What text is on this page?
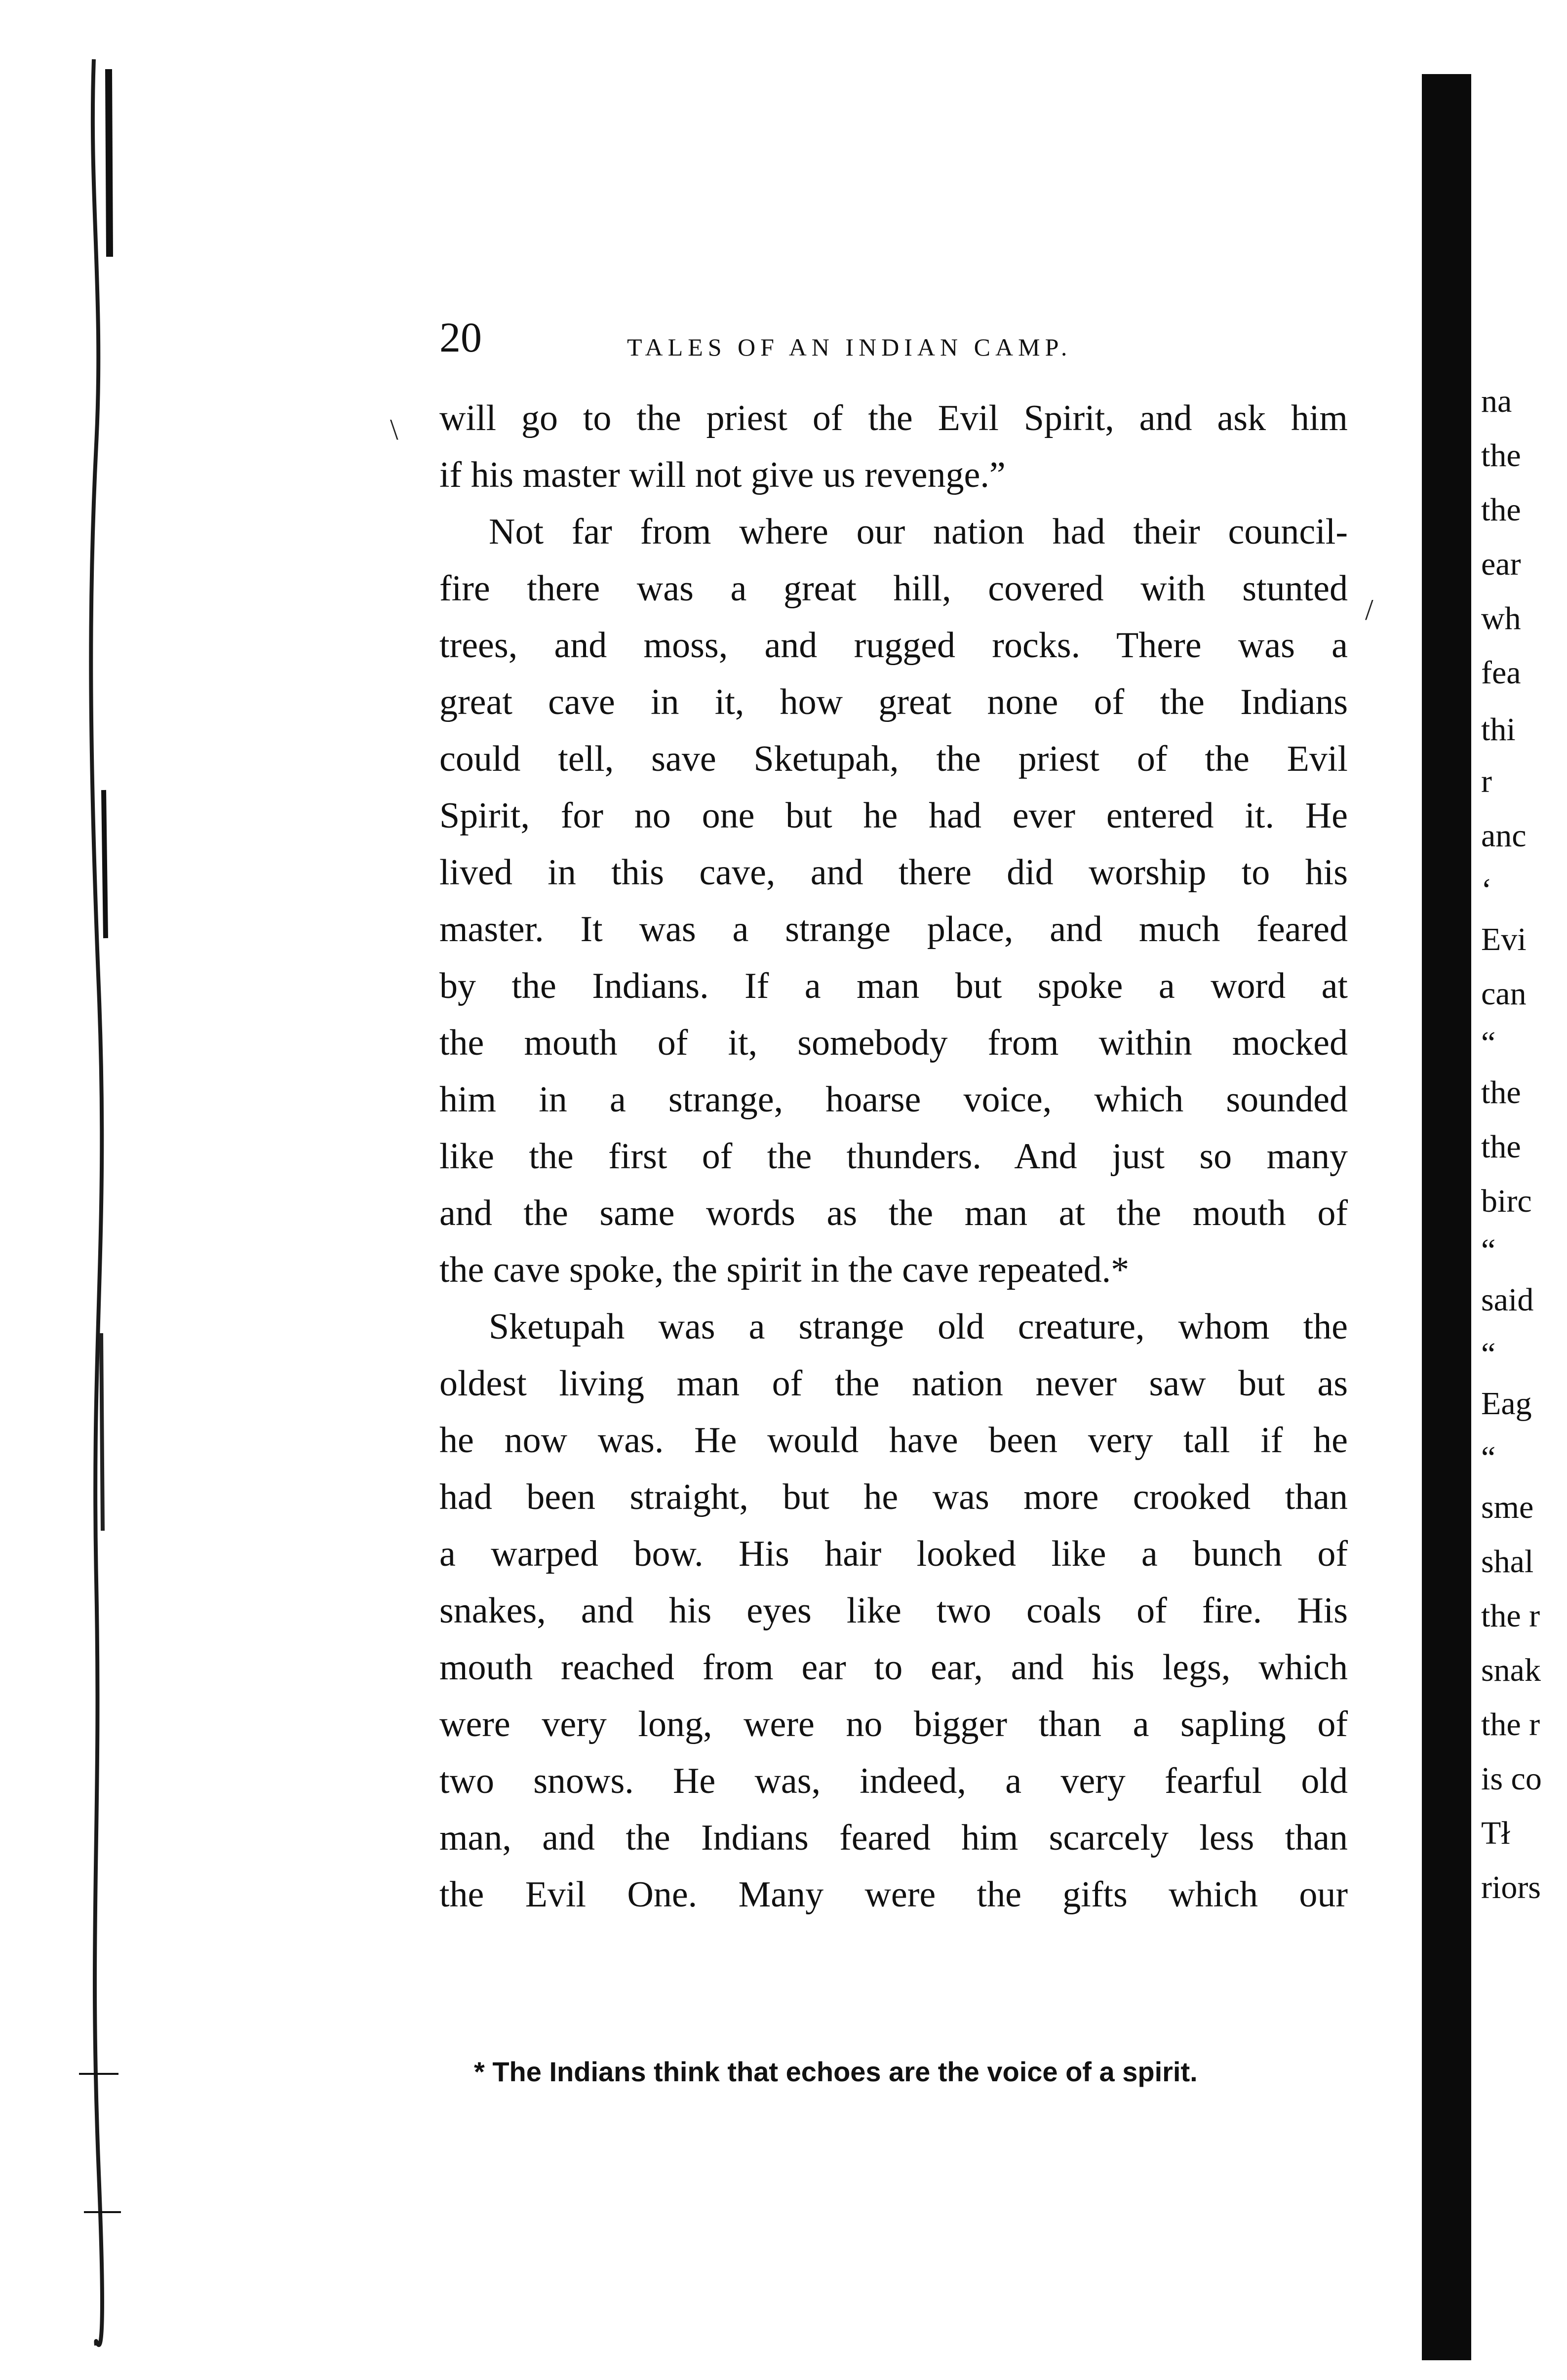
20	TALES OF AN INDIAN CAMP.
will go to the priest of the Evil Spirit, and ask him
if his master will not give us revenge.”
Not far from where our nation had their council-
fire there was a great hill, covered with stunted
trees, and moss, and rugged rocks. There was a
great cave in it, how great none of the Indians
could tell, save Sketupah, the priest of the Evil
Spirit, for no one but he had ever entered it. He
lived in this cave, and there did worship to his
master. It was a strange place, and much feared
by the Indians. If a man but spoke a word at
the mouth of it, somebody from within mocked
him in a strange, hoarse voice, which sounded
like the first of the thunders. And just so many
and the same words as the man at the mouth of
the cave spoke, the spirit in the cave repeated.*
Sketupah was a strange old creature, whom the
oldest living man of the nation never saw but as
he now was. He would have been very tall if he
had been straight, but he was more crooked than
a warped bow. His hair looked like a bunch of
snakes, and his eyes like two coals of fire. His
mouth reached from ear to ear, and his legs, which
were very long, were no bigger than a sapling of
two snows. He was, indeed, a very fearful old
man, and the Indians feared him scarcely less than
the Evil One. Many were the gifts which our
* The Indians think that echoes are the voice of a spirit.
na
the
the
ear
wh
fea
thi
r
anc
‘
Evi
can
“
the
the
birc
“
said
“
Eag
“
sme
shal
the r
snak
the r
is co
Tł
riors
\
/
